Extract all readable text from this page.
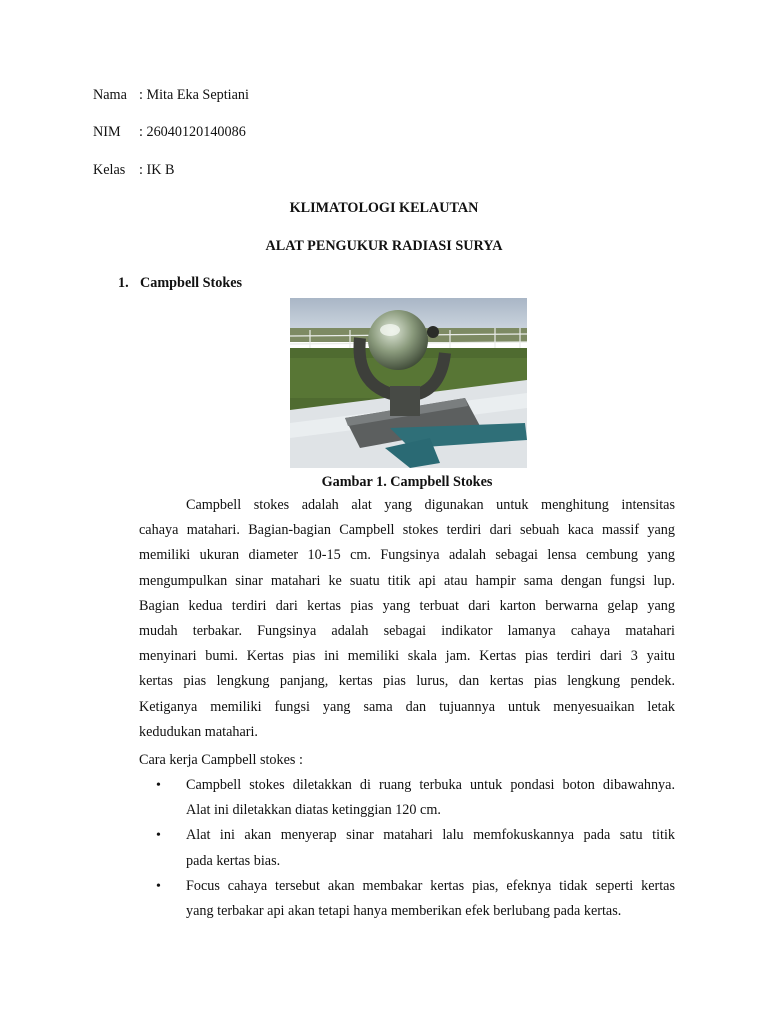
Nama : Mita Eka Septiani
NIM : 26040120140086
Kelas : IK B
KLIMATOLOGI KELAUTAN
ALAT PENGUKUR RADIASI SURYA
1. Campbell Stokes
Gambar 1. Campbell Stokes
Campbell stokes adalah alat yang digunakan untuk menghitung intensitas
cahaya matahari. Bagian-bagian Campbell stokes terdiri dari sebuah kaca massif yang
memiliki ukuran diameter 10-15 cm. Fungsinya adalah sebagai lensa cembung yang
mengumpulkan sinar matahari ke suatu titik api atau hampir sama dengan fungsi lup.
Bagian kedua terdiri dari kertas pias yang terbuat dari karton berwarna gelap yang
mudah terbakar. Fungsinya adalah sebagai indikator lamanya cahaya matahari
menyinari bumi. Kertas pias ini memiliki skala jam. Kertas pias terdiri dari 3 yaitu
kertas pias lengkung panjang, kertas pias lurus, dan kertas pias lengkung pendek.
Ketiganya memiliki fungsi yang sama dan tujuannya untuk menyesuaikan letak
kedudukan matahari.
Cara kerja Campbell stokes :
• Campbell stokes diletakkan di ruang terbuka untuk pondasi boton dibawahnya.
Alat ini diletakkan diatas ketinggian 120 cm.
• Alat ini akan menyerap sinar matahari lalu memfokuskannya pada satu titik
pada kertas bias.
• Focus cahaya tersebut akan membakar kertas pias, efeknya tidak seperti kertas
yang terbakar api akan tetapi hanya memberikan efek berlubang pada kertas.
